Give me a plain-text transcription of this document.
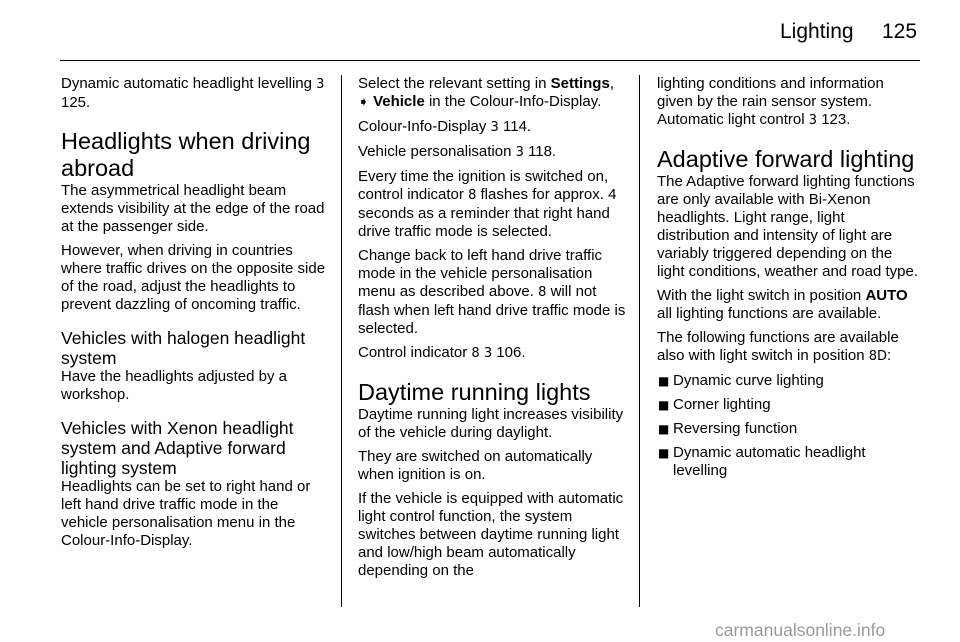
Lighting 125

Dynamic automatic headlight levelling 3 125.

Headlights when driving abroad

The asymmetrical headlight beam extends visibility at the edge of the road at the passenger side.

However, when driving in countries where traffic drives on the opposite side of the road, adjust the headlights to prevent dazzling of oncoming traffic.

Vehicles with halogen headlight system

Have the headlights adjusted by a workshop.

Vehicles with Xenon headlight system and Adaptive forward lighting system

Headlights can be set to right hand or left hand drive traffic mode in the vehicle personalisation menu in the Colour-Info-Display.

Select the relevant setting in Settings,
➧ Vehicle in the Colour-Info-Display.

Colour-Info-Display 3 114.

Vehicle personalisation 3 118.

Every time the ignition is switched on, control indicator 8 flashes for approx. 4 seconds as a reminder that right hand drive traffic mode is selected.

Change back to left hand drive traffic mode in the vehicle personalisation menu as described above. 8 will not flash when left hand drive traffic mode is selected.

Control indicator 8 3 106.

Daytime running lights

Daytime running light increases visibility of the vehicle during daylight.

They are switched on automatically when ignition is on.

If the vehicle is equipped with automatic light control function, the system switches between daytime running light and low/high beam automatically depending on the

lighting conditions and information given by the rain sensor system.

Automatic light control 3 123.

Adaptive forward lighting

The Adaptive forward lighting functions are only available with Bi-Xenon headlights. Light range, light distribution and intensity of light are variably triggered depending on the light conditions, weather and road type.

With the light switch in position AUTO all lighting functions are available.

The following functions are available also with light switch in position 8D:

■ Dynamic curve lighting
■ Corner lighting
■ Reversing function
■ Dynamic automatic headlight levelling
carmanualsonline.info
